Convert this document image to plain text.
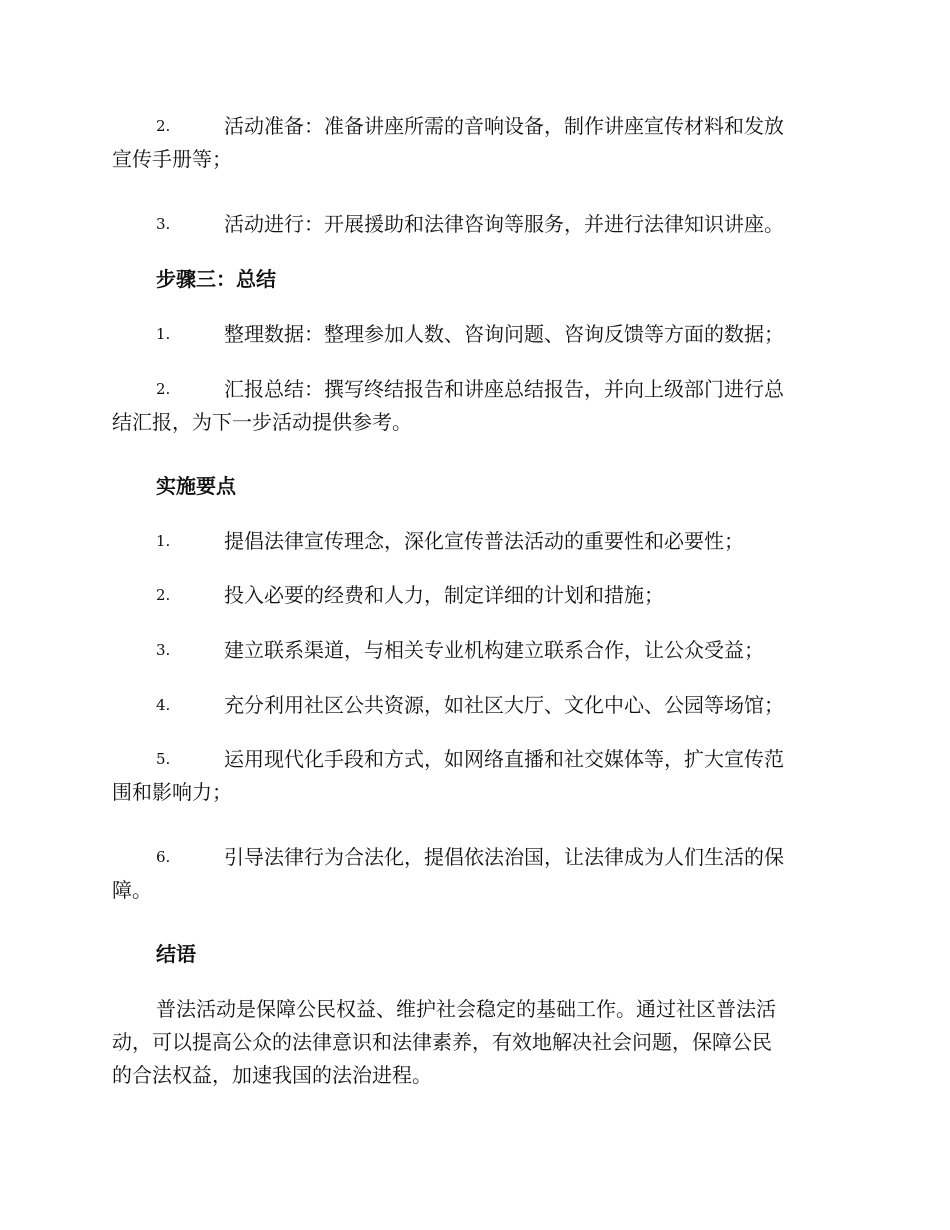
2.	活动准备：准备讲座所需的音响设备，制作讲座宣传材料和发放
宣传手册等；
3.	活动进行：开展援助和法律咨询等服务，并进行法律知识讲座。
步骤三：总结
1.	整理数据：整理参加人数、咨询问题、咨询反馈等方面的数据；
2.	汇报总结：撰写终结报告和讲座总结报告，并向上级部门进行总
结汇报，为下一步活动提供参考。
实施要点
1.	提倡法律宣传理念，深化宣传普法活动的重要性和必要性；
2.	投入必要的经费和人力，制定详细的计划和措施；
3.	建立联系渠道，与相关专业机构建立联系合作，让公众受益；
4.	充分利用社区公共资源，如社区大厅、文化中心、公园等场馆；
5.	运用现代化手段和方式，如网络直播和社交媒体等，扩大宣传范
围和影响力；
6.	引导法律行为合法化，提倡依法治国，让法律成为人们生活的保
障。
结语
普法活动是保障公民权益、维护社会稳定的基础工作。通过社区普法活
动，可以提高公众的法律意识和法律素养，有效地解决社会问题，保障公民
的合法权益，加速我国的法治进程。
